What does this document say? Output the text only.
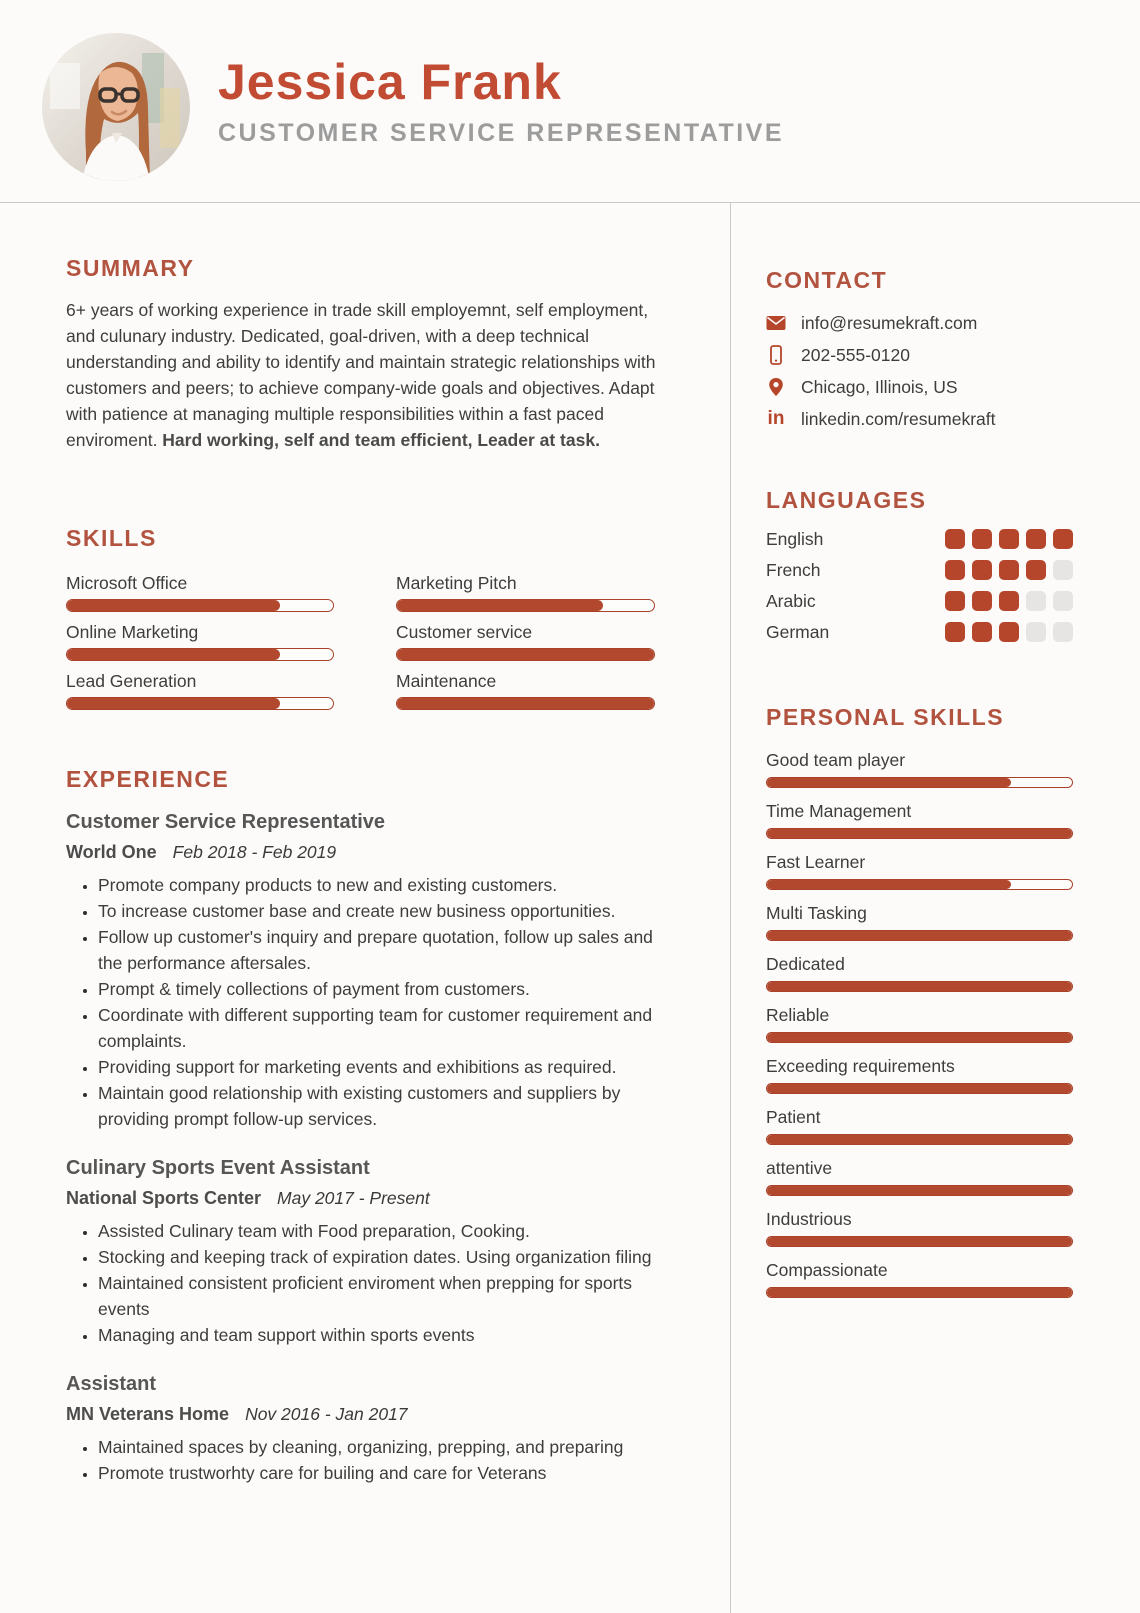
Jessica Frank
CUSTOMER SERVICE REPRESENTATIVE
SUMMARY
6+ years of working experience in trade skill employemnt, self employment, and culunary industry. Dedicated, goal-driven, with a deep technical understanding and ability to identify and maintain strategic relationships with customers and peers; to achieve company-wide goals and objectives. Adapt with patience at managing multiple responsibilities within a fast paced enviroment. Hard working, self and team efficient, Leader at task.
SKILLS
Microsoft Office	Marketing Pitch
Online Marketing	Customer service
Lead Generation	Maintenance
EXPERIENCE
Customer Service Representative
World One Feb 2018 - Feb 2019
• Promote company products to new and existing customers.
• To increase customer base and create new business opportunities.
• Follow up customer's inquiry and prepare quotation, follow up sales and the performance aftersales.
• Prompt & timely collections of payment from customers.
• Coordinate with different supporting team for customer requirement and complaints.
• Providing support for marketing events and exhibitions as required.
• Maintain good relationship with existing customers and suppliers by providing prompt follow-up services.
Culinary Sports Event Assistant
National Sports Center May 2017 - Present
• Assisted Culinary team with Food preparation, Cooking.
• Stocking and keeping track of expiration dates. Using organization filing
• Maintained consistent proficient enviroment when prepping for sports events
• Managing and team support within sports events
Assistant
MN Veterans Home Nov 2016 - Jan 2017
• Maintained spaces by cleaning, organizing, prepping, and preparing
• Promote trustworhty care for builing and care for Veterans
CONTACT
info@resumekraft.com
202-555-0120
Chicago, Illinois, US
in linkedin.com/resumekraft
LANGUAGES
English
French
Arabic
German
PERSONAL SKILLS
Good team player
Time Management
Fast Learner
Multi Tasking
Dedicated
Reliable
Exceeding requirements
Patient
attentive
Industrious
Compassionate
